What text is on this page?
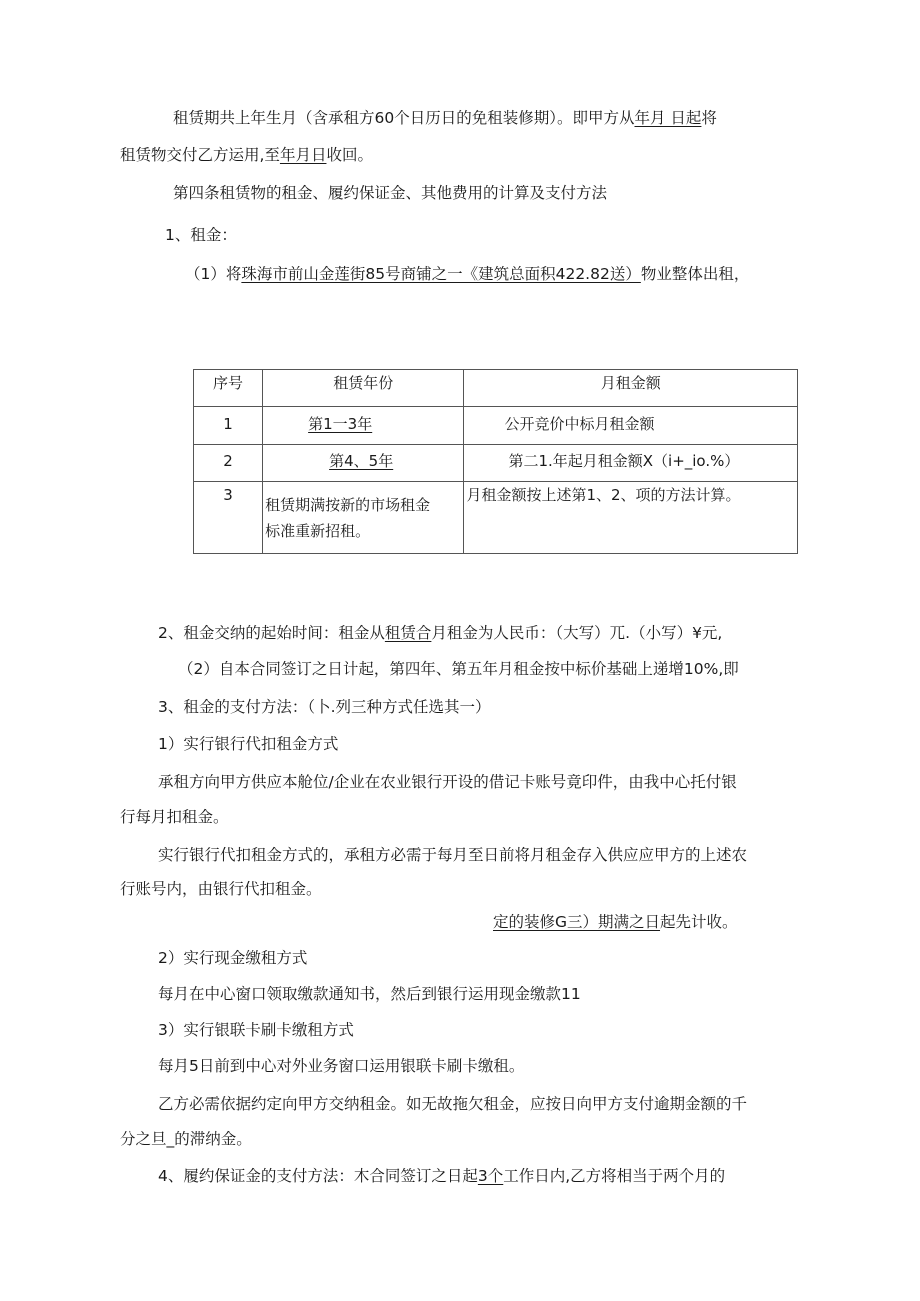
租赁期共上年生月（含承租方60个日历日的免租装修期）。即甲方从年月 日起将
租赁物交付乙方运用,至年月日收回。
第四条租赁物的租金、履约保证金、其他费用的计算及支付方法
1、租金：
（1）将珠海市前山金莲街85号商铺之一《建筑总面积422.82送）物业整体出租，
序号	租赁年份	月租金额
1	第1一3年	公开竞价中标月租金额
2	第4、5年	第二1.年起月租金额X（i+_io.%）
3	租赁期满按新的市场租金
标准重新招租。	月租金额按上述第1、2、项的方法计算。
2、租金交纳的起始时间：租金从租赁合月租金为人民币：（大写）兀.（小写）¥元,
（2）自本合同签订之日计起，第四年、第五年月租金按中标价基础上递增10%,即
3、租金的支付方法：（卜.列三种方式任选其一）
1）实行银行代扣租金方式
承租方向甲方供应本舱位/企业在农业银行开设的借记卡账号竟印件，由我中心托付银
行每月扣租金。
实行银行代扣租金方式的，承租方必需于每月至日前将月租金存入供应应甲方的上述农
行账号内，由银行代扣租金。
定的装修G三）期满之日起先计收。
2）实行现金缴租方式
每月在中心窗口领取缴款通知书，然后到银行运用现金缴款11
3）实行银联卡刷卡缴租方式
每月5日前到中心对外业务窗口运用银联卡刷卡缴租。
乙方必需依据约定向甲方交纳租金。如无故拖欠租金，应按日向甲方支付逾期金额的千
分之旦_的滞纳金。
4、履约保证金的支付方法：木合同签订之日起3个工作日内,乙方将相当于两个月的
